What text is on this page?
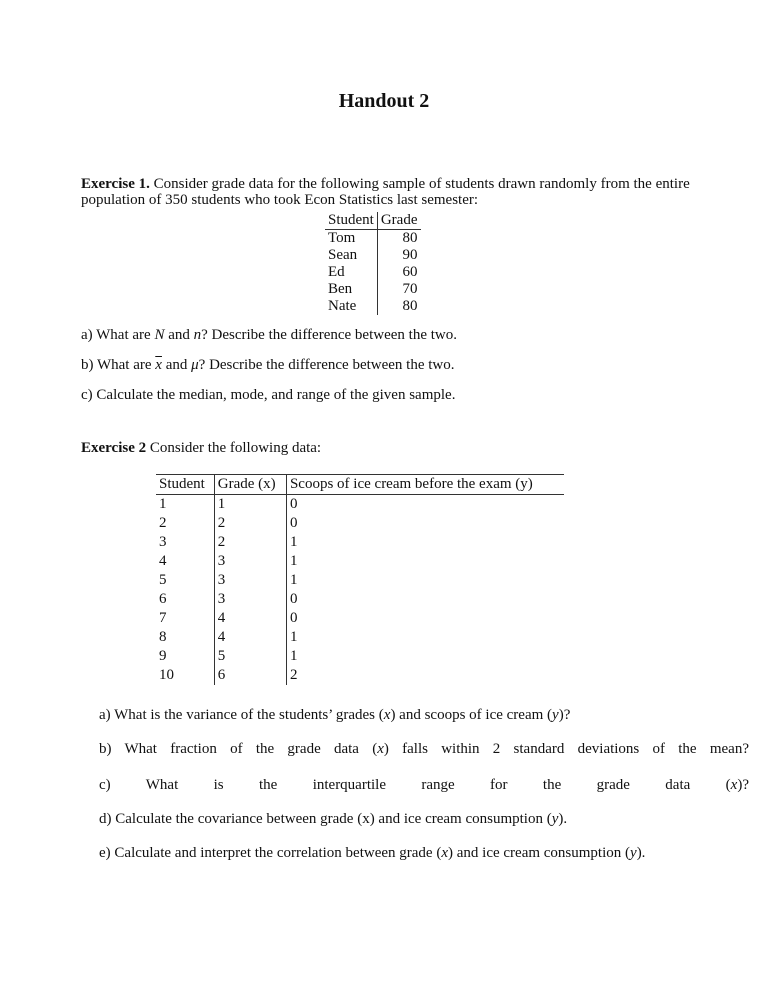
Handout 2
Exercise 1. Consider grade data for the following sample of students drawn randomly from the entire population of 350 students who took Econ Statistics last semester:
Student	Grade
Tom	80
Sean	90
Ed	60
Ben	70
Nate	80
a) What are N and n? Describe the difference between the two.
b) What are $\overline{x}$ and μ? Describe the difference between the two.
c) Calculate the median, mode, and range of the given sample.
Exercise 2 Consider the following data:
Student	Grade (x)	Scoops of ice cream before the exam (y)
1	1	0
2	2	0
3	2	1
4	3	1
5	3	1
6	3	0
7	4	0
8	4	1
9	5	1
10	6	2
a) What is the variance of the students’ grades (x) and scoops of ice cream (y)?
b) What fraction of the grade data (x) falls within 2 standard deviations of the mean?
c) What is the interquartile range for the grade data (x)?
d) Calculate the covariance between grade (x) and ice cream consumption (y).
e) Calculate and interpret the correlation between grade (x) and ice cream consumption (y).
